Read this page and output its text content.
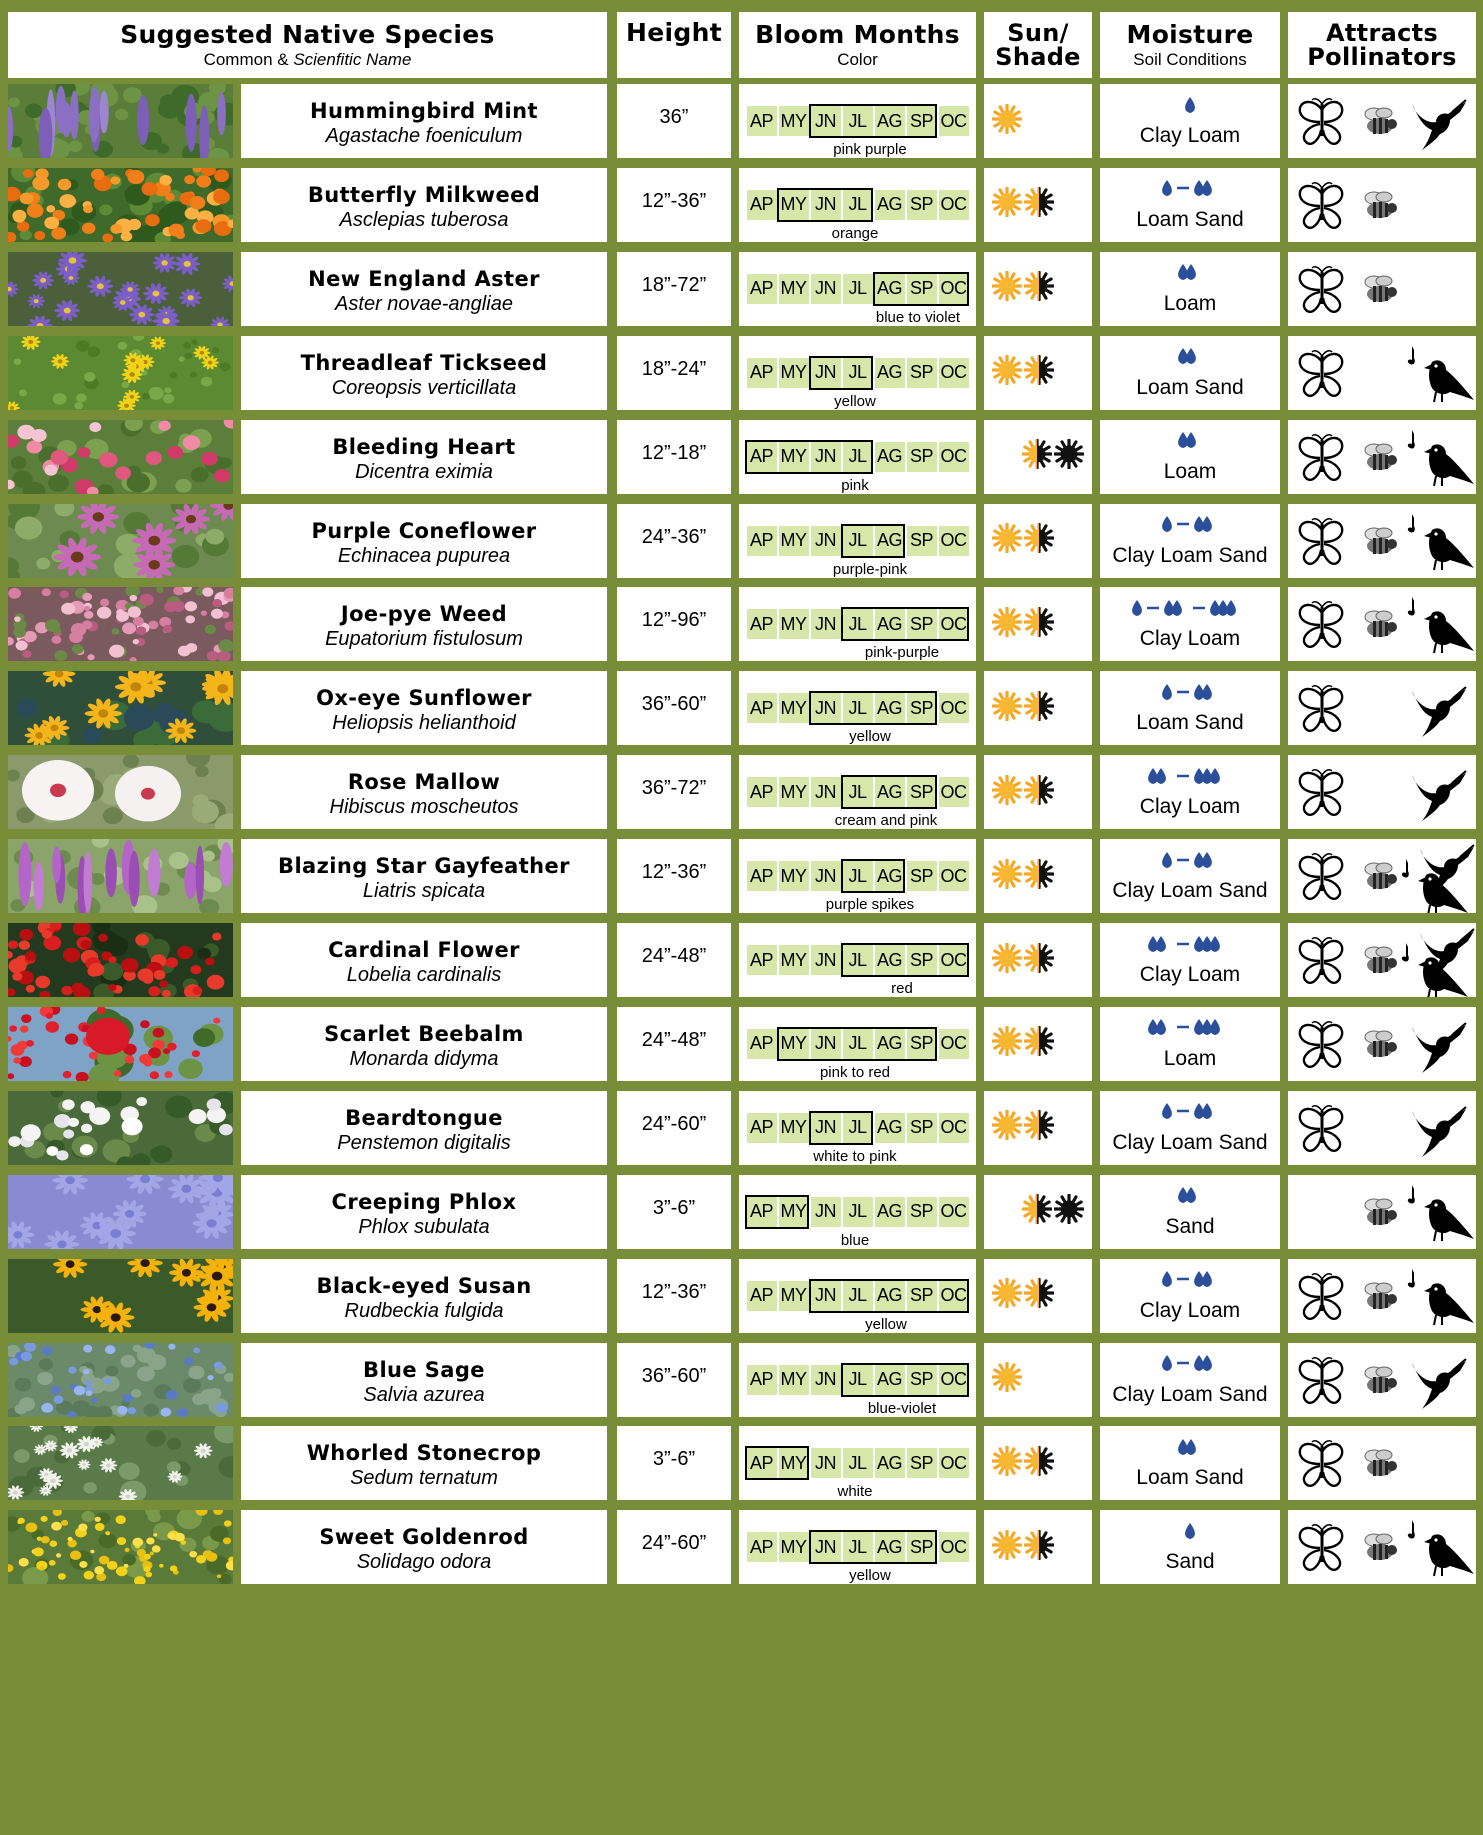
Suggested Native Species
Common & Scienfitic Name
Height Bloom Months
Color
Sun/
Shade
Moisture
Soil Conditions
Attracts
Pollinators
Hummingbird Mint
Agastache foeniculum
36”	AP MY JN JL AG SP OC
pink purple
Clay Loam
Butterfly Milkweed
Asclepias tuberosa
12”-36” AP MY JN JL AG SP OC
orange
Loam Sand
New England Aster
Aster novae-angliae
18”-72” AP MY JN JL AG SP OC
blue to violet
Loam
Threadleaf Tickseed
Coreopsis verticillata
18”-24” AP MY JN JL AG SP OC
yellow
Loam Sand
Bleeding Heart
Dicentra eximia
12”-18” AP MY JN JL AG SP OC
pink
Loam
Purple Coneflower
Echinacea pupurea
24”-36” AP MY JN JL AG SP OC
purple-pink
Clay Loam Sand
Joe-pye Weed
Eupatorium fistulosum
12”-96” AP MY JN JL AG SP OC
pink-purple
Clay Loam
Ox-eye Sunflower
Heliopsis helianthoid
36”-60” AP MY JN JL AG SP OC
yellow
Loam Sand
Rose Mallow
Hibiscus moscheutos
36”-72” AP MY JN JL AG SP OC
cream and pink
Clay Loam
Blazing Star Gayfeather
Liatris spicata
12”-36” AP MY JN JL AG SP OC
purple spikes
Clay Loam Sand
Cardinal Flower
Lobelia cardinalis
24”-48” AP MY JN JL AG SP OC
red
Clay Loam
Scarlet Beebalm
Monarda didyma
24”-48” AP MY JN JL AG SP OC
pink to red
Loam
Beardtongue
Penstemon digitalis
24”-60” AP MY JN JL AG SP OC
white to pink
Clay Loam Sand
Creeping Phlox
Phlox subulata
3”-6”	AP MY JN JL AG SP OC
blue
Sand
Black-eyed Susan
Rudbeckia fulgida
12”-36” AP MY JN JL AG SP OC
yellow
Clay Loam
Blue Sage
Salvia azurea
36”-60” AP MY JN JL AG SP OC
blue-violet
Clay Loam Sand
Whorled Stonecrop
Sedum ternatum
3”-6”	AP MY JN JL AG SP OC
white
Loam Sand
Sweet Goldenrod
Solidago odora
24”-60” AP MY JN JL AG SP OC
yellow
Sand
